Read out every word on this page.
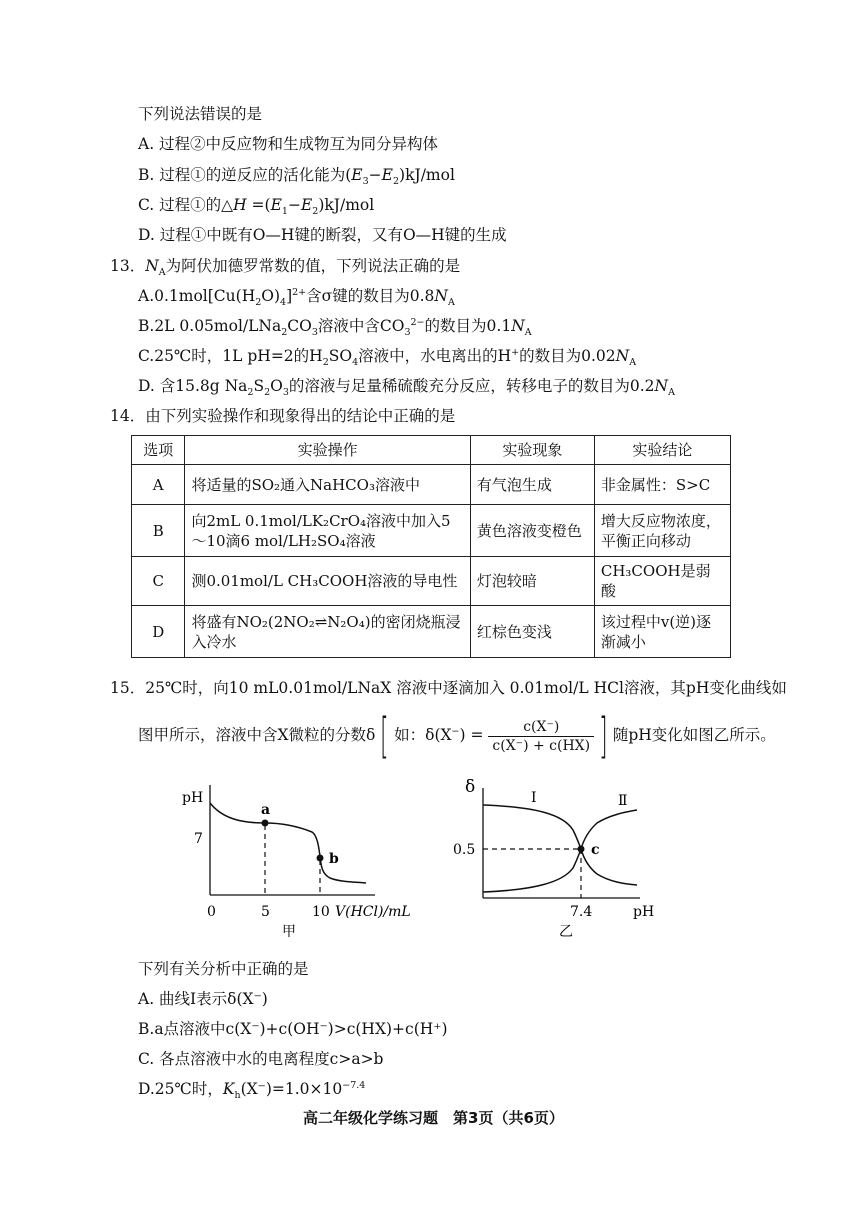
下列说法错误的是
A. 过程②中反应物和生成物互为同分异构体
B. 过程①的逆反应的活化能为$(E_3-E_2)kJ$/mol
C. 过程①的△H $=(E_1-E_2)kJ$/mol
D. 过程①中既有O—H键的断裂，又有O—H键的生成
13．$N_A$为阿伏加德罗常数的值，下列说法正确的是
$A.0.1mol[Cu(H_2O)_4]^{2+}$含σ键的数目为$0.8N_A$
B.2L $0.05mol/LNa_2CO_3$溶液中含$CO_3^{2-}$的数目为$0.1N_A$
C.25℃时，1L pH=2的$H_2SO_4$溶液中，水电离出的H+的数目为$0.02N_A$
D. 含15.8g $Na_2S_2O_3$的溶液与足量稀硫酸充分反应，转移电子的数目为$0.2N_A$
14．由下列实验操作和现象得出的结论中正确的是
选项	实验操作	实验现象	实验结论
A	将适量的SO₂通入NaHCO₃溶液中	有气泡生成	非金属性：S>C
B	向2mL 0.1mol/LK₂CrO₄溶液中加入5～10滴6 mol/LH₂SO₄溶液	黄色溶液变橙色	增大反应物浓度，平衡正向移动
C	测0.01mol/L CH₃COOH溶液的导电性	灯泡较暗	CH₃COOH是弱酸
D	将盛有NO₂(2NO₂⇌N₂O₄)的密闭烧瓶浸入冷水	红棕色变浅	该过程中v(逆)逐渐减小
15．25℃时，向10 mL0.01mol/LNaX 溶液中逐滴加入 0.01mol/L HCl溶液，其pH变化曲线如
图甲所示，溶液中含X微粒的分数δ [ 如：$\delta(X^-) = \frac{c(X^-)}{c(X^-) + c(HX)}$ ] 随pH变化如图乙所示。
pH
7
a
b
0	5	10 V(HCl)/mL
甲
δ
0.5	c
Ⅰ	Ⅱ
7.4	pH
乙
下列有关分析中正确的是
A. 曲线Ⅰ表示δ(X⁻)
B.a点溶液中c(X⁻)+c(OH⁻)>c(HX)+c(H⁺)
C. 各点溶液中水的电离程度c>a>b
D.25℃时，$K_h(X^-)=1.0\times 10^{-7.4}$
高二年级化学练习题　第3页（共6页）
